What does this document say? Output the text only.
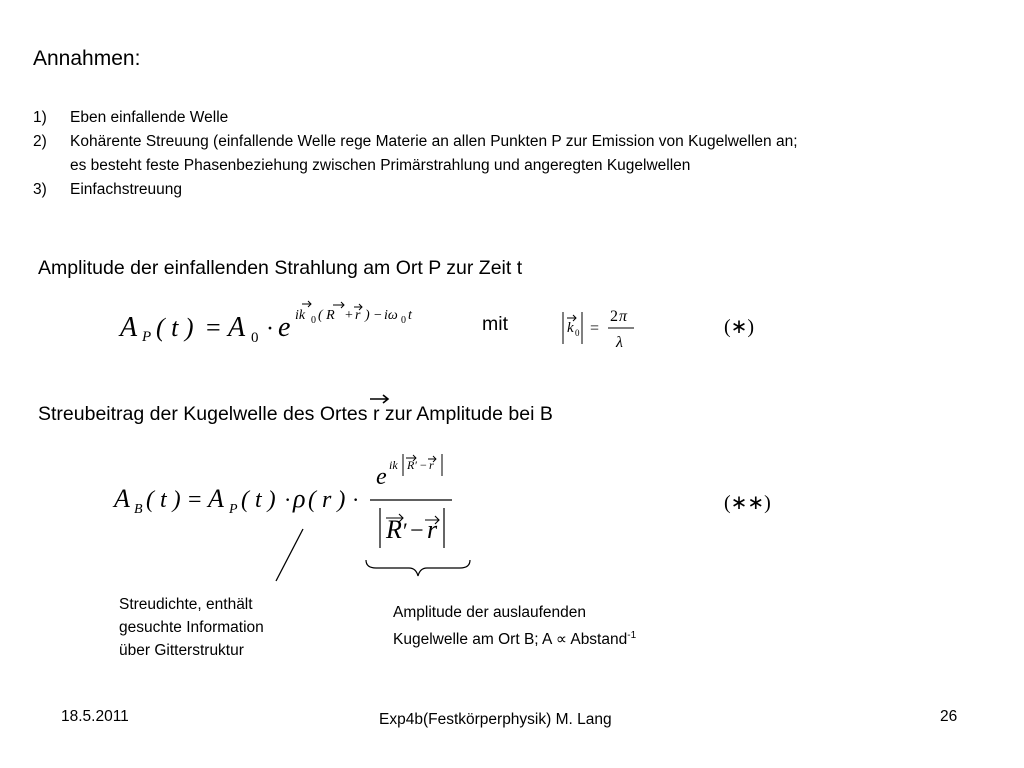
Annahmen:
1)	Eben einfallende Welle
2)	Kohärente Streuung (einfallende Welle rege Materie an allen Punkten P zur Emission von Kugelwellen an;
es besteht feste Phasenbeziehung zwischen Primärstrahlung und angeregten Kugelwellen
3)	Einfachstreuung
Amplitude der einfallenden Strahlung am Ort P zur Zeit t
A P ( t ) = A 0 · e ik 0 ( R + r ) − iω 0 t	mit	k 0 =
2 π
λ
(∗)
Streubeitrag der Kugelwelle des Ortes r zur Amplitude bei B
A B ( t ) = A P ( t ) · ρ ( r ) ·
e ik R ′ − r
R ′ − r
(∗∗)
Streudichte, enthält
gesuchte Information
über Gitterstruktur
Amplitude der auslaufenden
Kugelwelle am Ort B; A ∝ Abstand$^{-1}$
18.5.2011	Exp4b(Festkörperphysik) M. Lang	26
